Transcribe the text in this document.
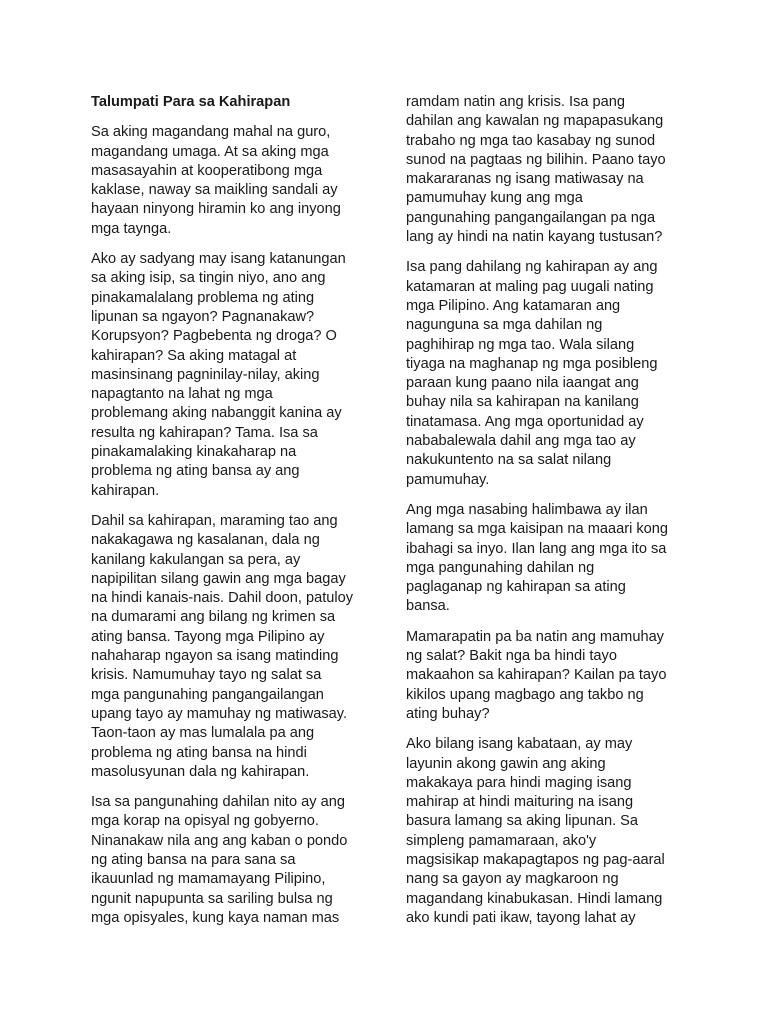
Talumpati Para sa Kahirapan
Sa aking magandang mahal na guro,
magandang umaga. At sa aking mga
masasayahin at kooperatibong mga
kaklase, naway sa maikling sandali ay
hayaan ninyong hiramin ko ang inyong
mga taynga.
Ako ay sadyang may isang katanungan
sa aking isip, sa tingin niyo, ano ang
pinakamalalang problema ng ating
lipunan sa ngayon? Pagnanakaw?
Korupsyon? Pagbebenta ng droga? O
kahirapan? Sa aking matagal at
masinsinang pagninilay-nilay, aking
napagtanto na lahat ng mga
problemang aking nabanggit kanina ay
resulta ng kahirapan? Tama. Isa sa
pinakamalaking kinakaharap na
problema ng ating bansa ay ang
kahirapan.
Dahil sa kahirapan, maraming tao ang
nakakagawa ng kasalanan, dala ng
kanilang kakulangan sa pera, ay
napipilitan silang gawin ang mga bagay
na hindi kanais-nais. Dahil doon, patuloy
na dumarami ang bilang ng krimen sa
ating bansa. Tayong mga Pilipino ay
nahaharap ngayon sa isang matinding
krisis. Namumuhay tayo ng salat sa
mga pangunahing pangangailangan
upang tayo ay mamuhay ng matiwasay.
Taon-taon ay mas lumalala pa ang
problema ng ating bansa na hindi
masolusyunan dala ng kahirapan.
Isa sa pangunahing dahilan nito ay ang
mga korap na opisyal ng gobyerno.
Ninanakaw nila ang ang kaban o pondo
ng ating bansa na para sana sa
ikauunlad ng mamamayang Pilipino,
ngunit napupunta sa sariling bulsa ng
mga opisyales, kung kaya naman mas
ramdam natin ang krisis. Isa pang
dahilan ang kawalan ng mapapasukang
trabaho ng mga tao kasabay ng sunod
sunod na pagtaas ng bilihin. Paano tayo
makararanas ng isang matiwasay na
pamumuhay kung ang mga
pangunahing pangangailangan pa nga
lang ay hindi na natin kayang tustusan?
Isa pang dahilang ng kahirapan ay ang
katamaran at maling pag uugali nating
mga Pilipino. Ang katamaran ang
nagunguna sa mga dahilan ng
paghihirap ng mga tao. Wala silang
tiyaga na maghanap ng mga posibleng
paraan kung paano nila iaangat ang
buhay nila sa kahirapan na kanilang
tinatamasa. Ang mga oportunidad ay
nababalewala dahil ang mga tao ay
nakukuntento na sa salat nilang
pamumuhay.
Ang mga nasabing halimbawa ay ilan
lamang sa mga kaisipan na maaari kong
ibahagi sa inyo. Ilan lang ang mga ito sa
mga pangunahing dahilan ng
paglaganap ng kahirapan sa ating
bansa.
Mamarapatin pa ba natin ang mamuhay
ng salat? Bakit nga ba hindi tayo
makaahon sa kahirapan? Kailan pa tayo
kikilos upang magbago ang takbo ng
ating buhay?
Ako bilang isang kabataan, ay may
layunin akong gawin ang aking
makakaya para hindi maging isang
mahirap at hindi maituring na isang
basura lamang sa aking lipunan. Sa
simpleng pamamaraan, ako'y
magsisikap makapagtapos ng pag-aaral
nang sa gayon ay magkaroon ng
magandang kinabukasan. Hindi lamang
ako kundi pati ikaw, tayong lahat ay
